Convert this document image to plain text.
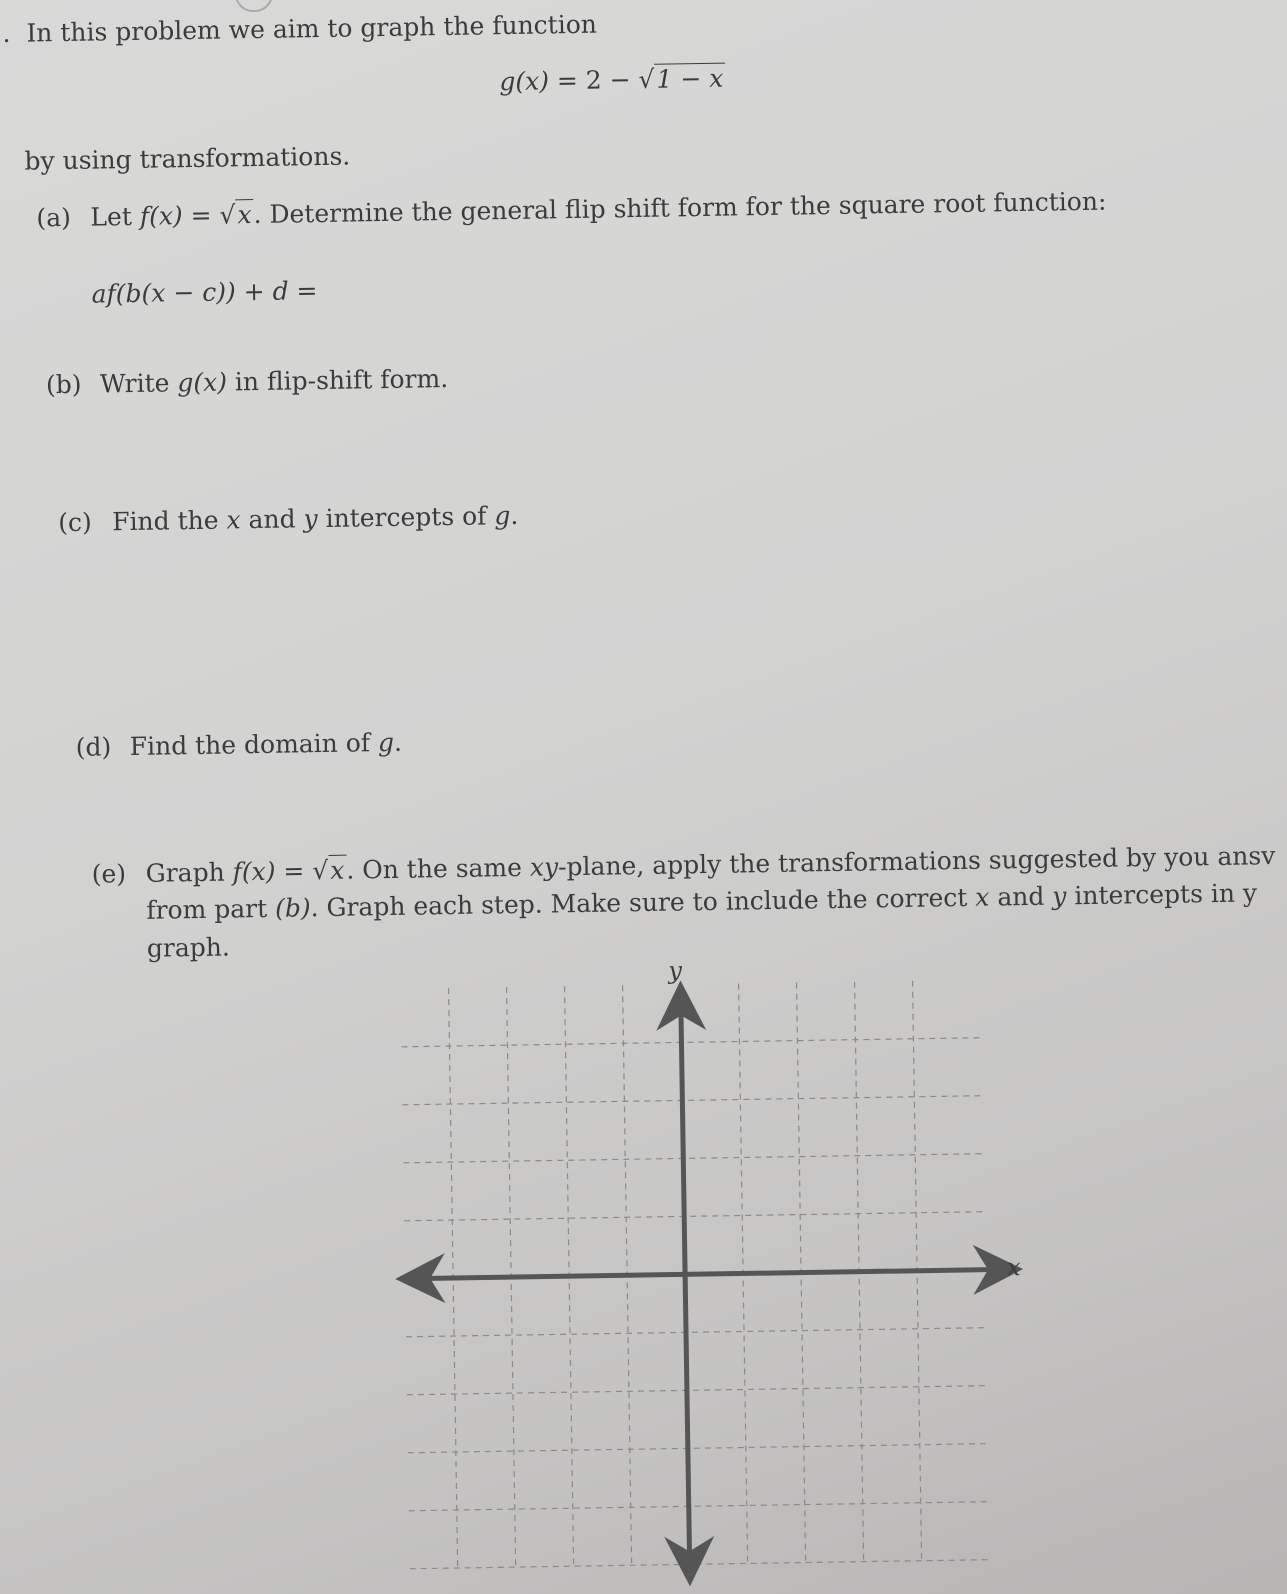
. In this problem we aim to graph the function
g(x) = 2 − √1 − x
by using transformations.
(a) Let f(x) = √x. Determine the general flip shift form for the square root function:
af(b(x − c)) + d =
(b) Write g(x) in flip-shift form.
(c) Find the x and y intercepts of g.
(d) Find the domain of g.
(e) Graph f(x) = √x. On the same xy-plane, apply the transformations suggested by you ansv
from part (b). Graph each step. Make sure to include the correct x and y intercepts in y
graph.
y
x
